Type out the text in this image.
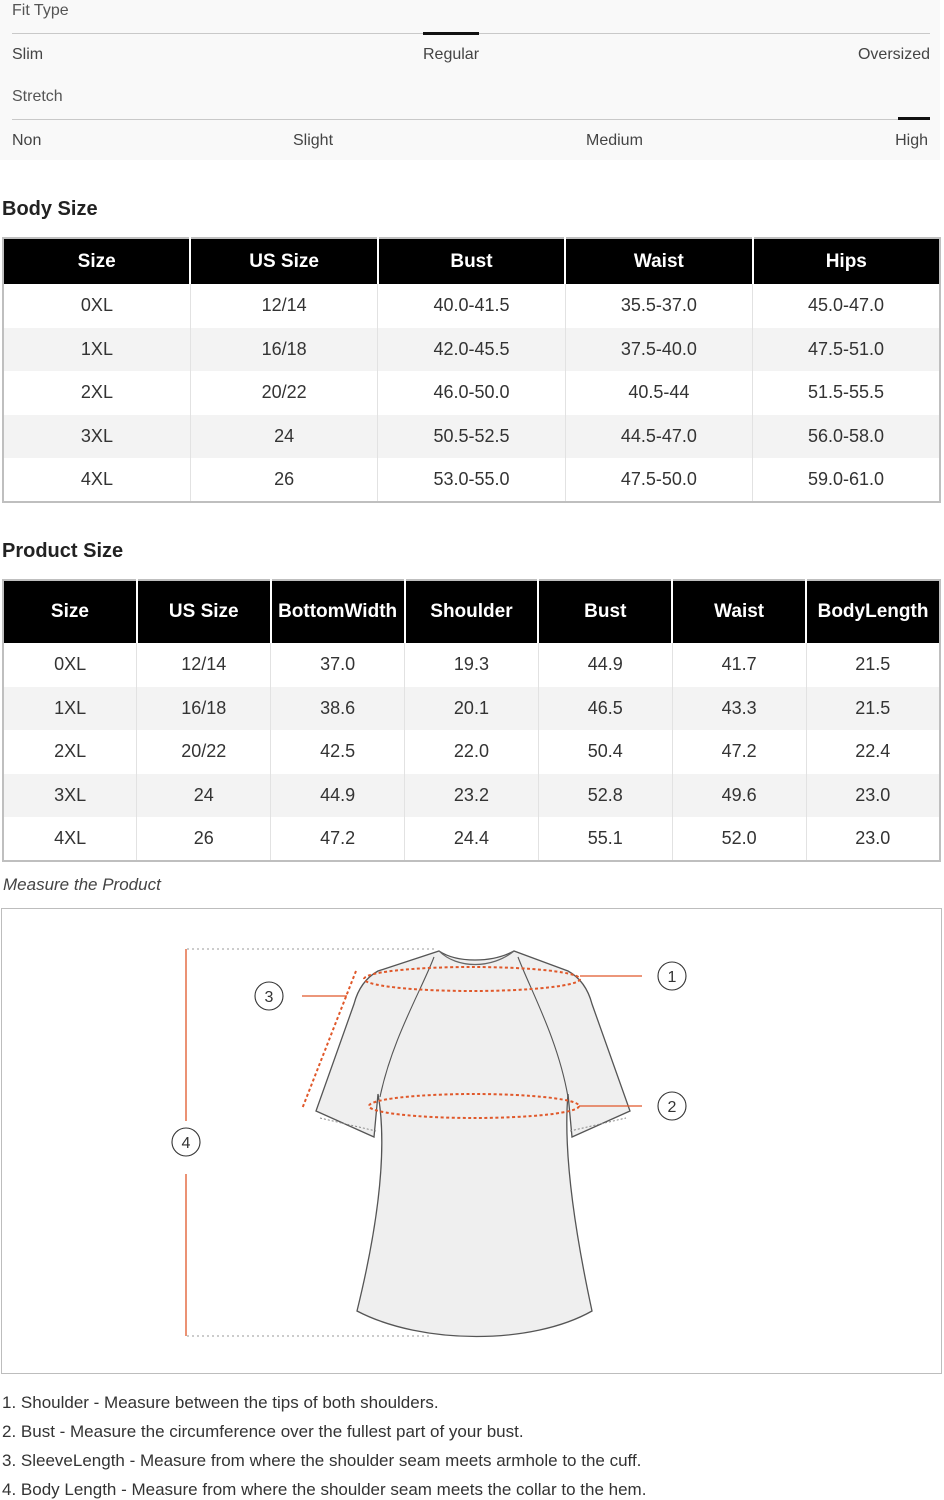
Fit Type
Slim	Regular	Oversized
Stretch
Non	Slight	Medium	High
Body Size
Size	US Size	Bust	Waist	Hips
0XL	12/14	40.0-41.5	35.5-37.0	45.0-47.0
1XL	16/18	42.0-45.5	37.5-40.0	47.5-51.0
2XL	20/22	46.0-50.0	40.5-44	51.5-55.5
3XL	24	50.5-52.5	44.5-47.0	56.0-58.0
4XL	26	53.0-55.0	47.5-50.0	59.0-61.0
Product Size
Size	US Size	BottomWidth	Shoulder	Bust	Waist	BodyLength
0XL	12/14	37.0	19.3	44.9	41.7	21.5
1XL	16/18	38.6	20.1	46.5	43.3	21.5
2XL	20/22	42.5	22.0	50.4	47.2	22.4
3XL	24	44.9	23.2	52.8	49.6	23.0
4XL	26	47.2	24.4	55.1	52.0	23.0
Measure the Product
1
2
3
4

1. Shoulder - Measure between the tips of both shoulders.

2. Bust - Measure the circumference over the fullest part of your bust.

3. SleeveLength - Measure from where the shoulder seam meets armhole to the cuff.

4. Body Length - Measure from where the shoulder seam meets the collar to the hem.
